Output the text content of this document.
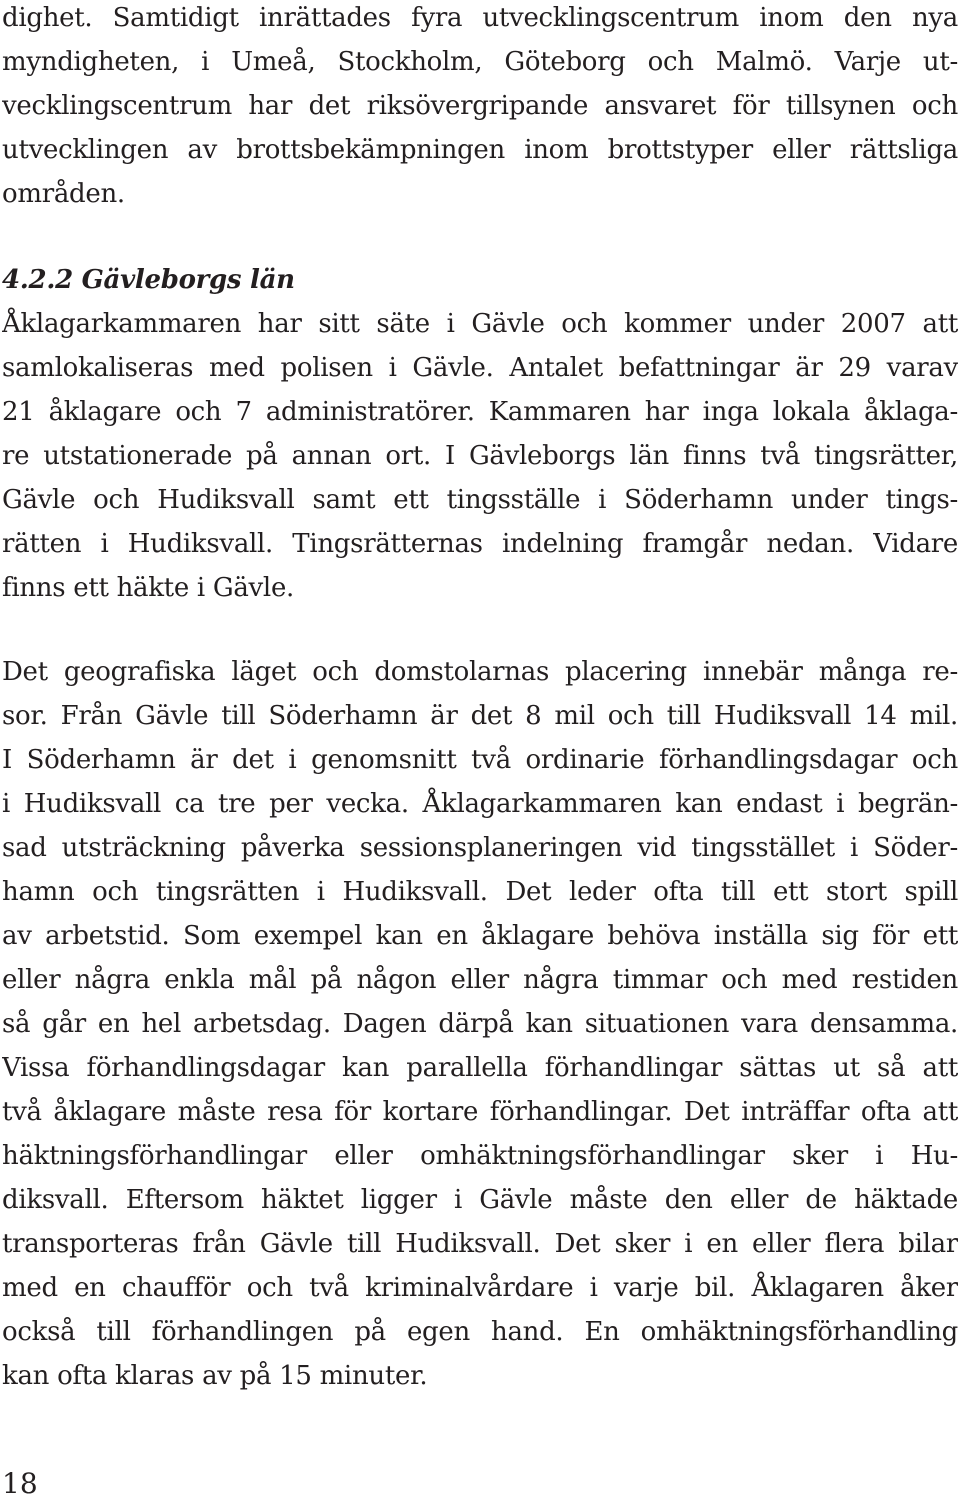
dighet. Samtidigt inrättades fyra utvecklingscentrum inom den nya
myndigheten, i Umeå, Stockholm, Göteborg och Malmö. Varje ut-
vecklingscentrum har det riksövergripande ansvaret för tillsynen och
utvecklingen av brottsbekämpningen inom brottstyper eller rättsliga
områden.
4.2.2 Gävleborgs län
Åklagarkammaren har sitt säte i Gävle och kommer under 2007 att
samlokaliseras med polisen i Gävle. Antalet befattningar är 29 varav
21 åklagare och 7 administratörer. Kammaren har inga lokala åklaga-
re utstationerade på annan ort. I Gävleborgs län finns två tingsrätter,
Gävle och Hudiksvall samt ett tingsställe i Söderhamn under tings-
rätten i Hudiksvall. Tingsrätternas indelning framgår nedan. Vidare
finns ett häkte i Gävle.
Det geografiska läget och domstolarnas placering innebär många re-
sor. Från Gävle till Söderhamn är det 8 mil och till Hudiksvall 14 mil.
I Söderhamn är det i genomsnitt två ordinarie förhandlingsdagar och
i Hudiksvall ca tre per vecka. Åklagarkammaren kan endast i begrän-
sad utsträckning påverka sessionsplaneringen vid tingsstället i Söder-
hamn och tingsrätten i Hudiksvall. Det leder ofta till ett stort spill
av arbetstid. Som exempel kan en åklagare behöva inställa sig för ett
eller några enkla mål på någon eller några timmar och med restiden
så går en hel arbetsdag. Dagen därpå kan situationen vara densamma.
Vissa förhandlingsdagar kan parallella förhandlingar sättas ut så att
två åklagare måste resa för kortare förhandlingar. Det inträffar ofta att
häktningsförhandlingar eller omhäktningsförhandlingar sker i Hu-
diksvall. Eftersom häktet ligger i Gävle måste den eller de häktade
transporteras från Gävle till Hudiksvall. Det sker i en eller flera bilar
med en chaufför och två kriminalvårdare i varje bil. Åklagaren åker
också till förhandlingen på egen hand. En omhäktningsförhandling
kan ofta klaras av på 15 minuter.
18
